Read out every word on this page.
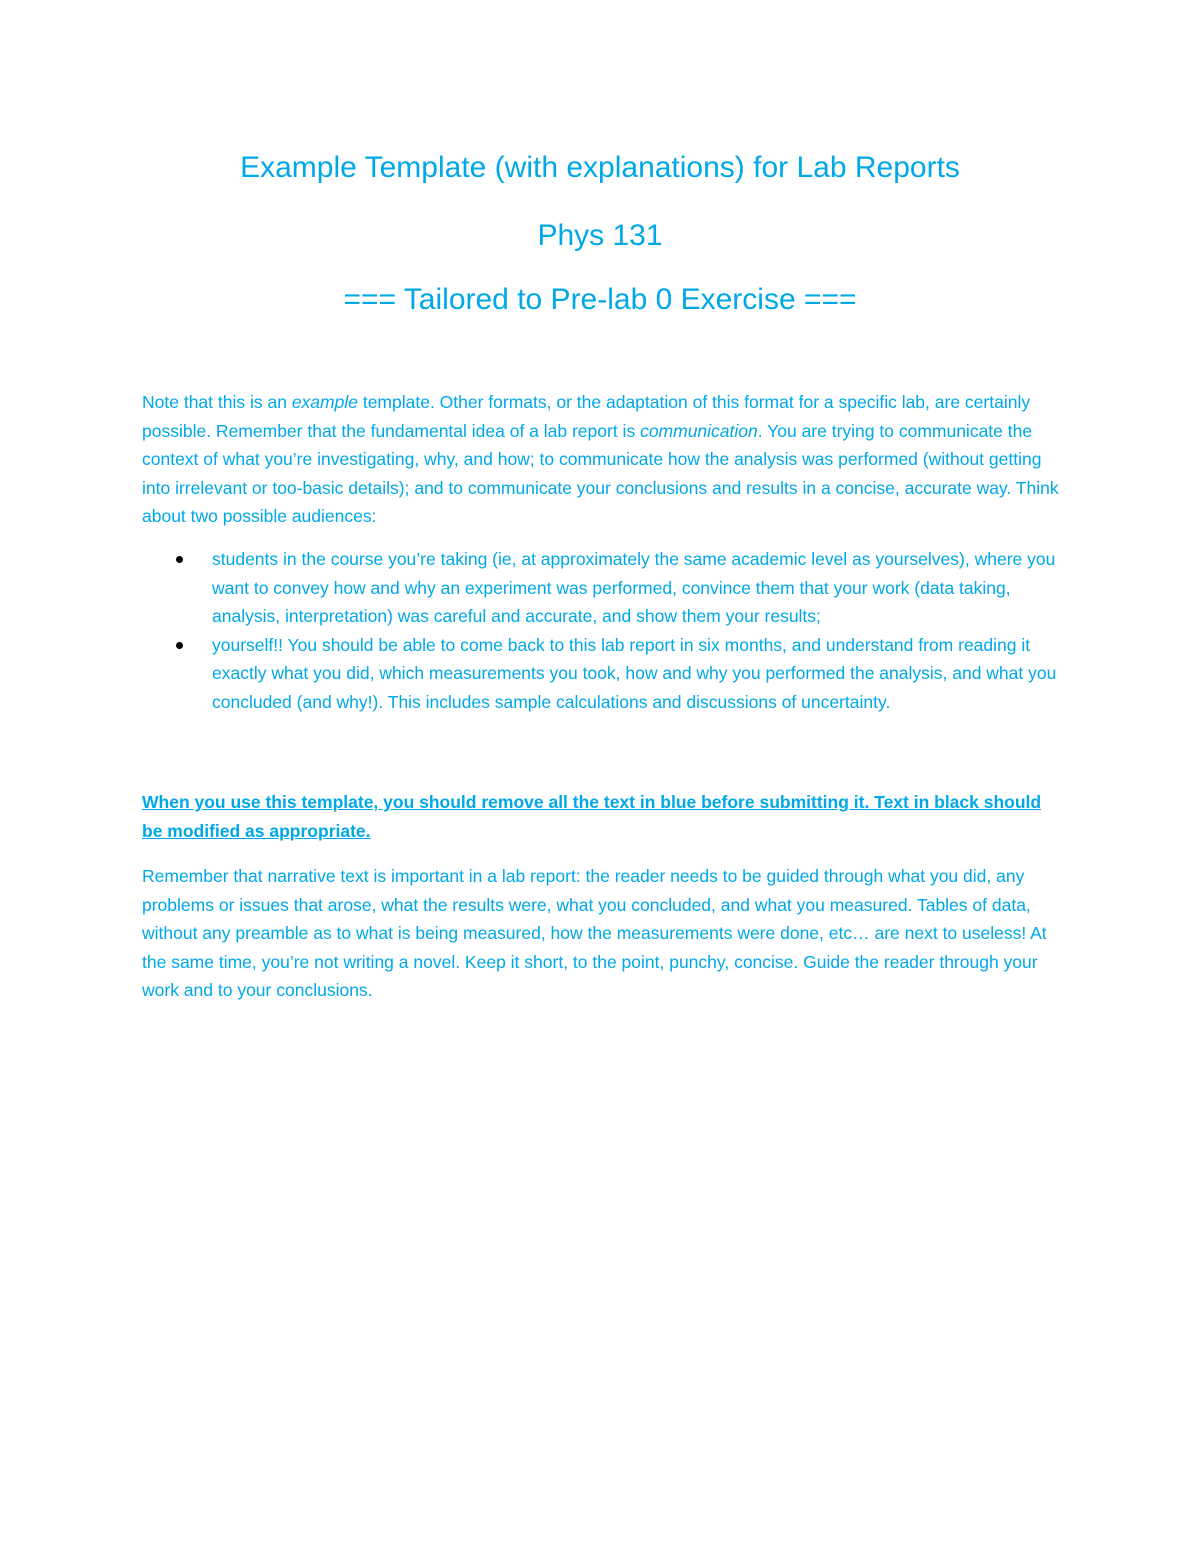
Example Template (with explanations) for Lab Reports
Phys 131
=== Tailored to Pre-lab 0 Exercise ===

Note that this is an example template. Other formats, or the adaptation of this format for a specific lab, are certainly possible. Remember that the fundamental idea of a lab report is communication. You are trying to communicate the context of what you’re investigating, why, and how; to communicate how the analysis was performed (without getting into irrelevant or too-basic details); and to communicate your conclusions and results in a concise, accurate way. Think about two possible audiences:

students in the course you’re taking (ie, at approximately the same academic level as yourselves), where you want to convey how and why an experiment was performed, convince them that your work (data taking, analysis, interpretation) was careful and accurate, and show them your results;
yourself!! You should be able to come back to this lab report in six months, and understand from reading it exactly what you did, which measurements you took, how and why you performed the analysis, and what you concluded (and why!). This includes sample calculations and discussions of uncertainty.

When you use this template, you should remove all the text in blue before submitting it. Text in black should be modified as appropriate.

Remember that narrative text is important in a lab report: the reader needs to be guided through what you did, any problems or issues that arose, what the results were, what you concluded, and what you measured. Tables of data, without any preamble as to what is being measured, how the measurements were done, etc… are next to useless! At the same time, you’re not writing a novel. Keep it short, to the point, punchy, concise. Guide the reader through your work and to your conclusions.
